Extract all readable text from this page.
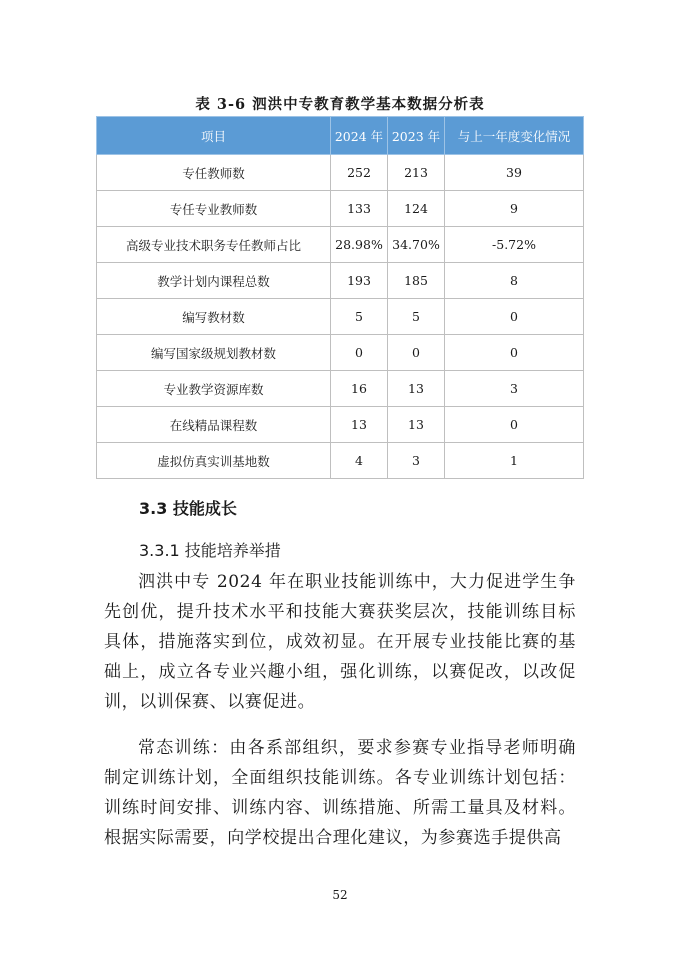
表 3-6 泗洪中专教育教学基本数据分析表
项目	2024 年	2023 年	与上一年度变化情况
专任教师数	252	213	39
专任专业教师数	133	124	9
高级专业技术职务专任教师占比	28.98%	34.70%	-5.72%
教学计划内课程总数	193	185	8
编写教材数	5	5	0
编写国家级规划教材数	0	0	0
专业教学资源库数	16	13	3
在线精品课程数	13	13	0
虚拟仿真实训基地数	4	3	1
3.3 技能成长
3.3.1 技能培养举措

泗洪中专 2024 年在职业技能训练中，大力促进学生争先创优，提升技术水平和技能大赛获奖层次，技能训练目标具体，措施落实到位，成效初显。在开展专业技能比赛的基础上，成立各专业兴趣小组，强化训练，以赛促改，以改促训，以训保赛、以赛促进。

常态训练：由各系部组织，要求参赛专业指导老师明确制定训练计划，全面组织技能训练。各专业训练计划包括：训练时间安排、训练内容、训练措施、所需工量具及材料。根据实际需要，向学校提出合理化建议，为参赛选手提供高

52
